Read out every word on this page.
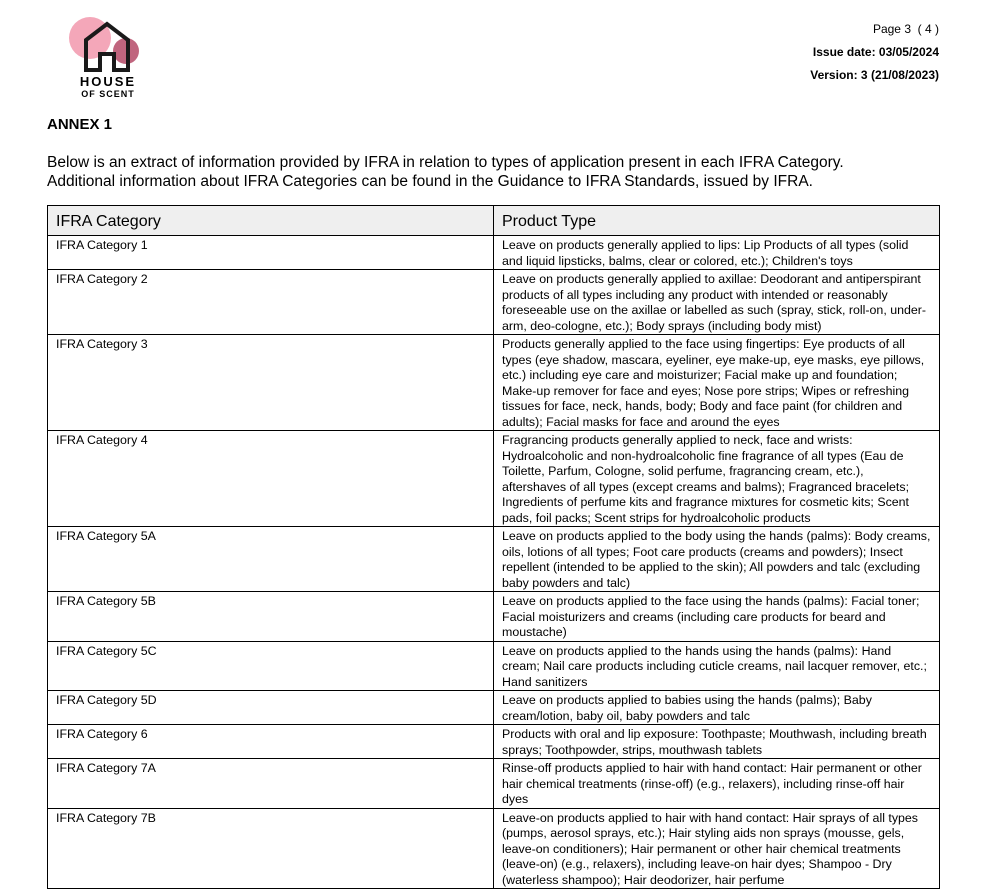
HOUSE
OF SCENT
Page 3  ( 4 )
Issue date: 03/05/2024
Version: 3 (21/08/2023)
ANNEX 1
Below is an extract of information provided by IFRA in relation to types of application present in each IFRA Category.
Additional information about IFRA Categories can be found in the Guidance to IFRA Standards, issued by IFRA.
IFRA Category	Product Type
IFRA Category 1	Leave on products generally applied to lips: Lip Products of all types (solid and liquid lipsticks, balms, clear or colored, etc.); Children's toys
IFRA Category 2	Leave on products generally applied to axillae: Deodorant and antiperspirant products of all types including any product with intended or reasonably foreseeable use on the axillae or labelled as such (spray, stick, roll-on, under-arm, deo-cologne, etc.); Body sprays (including body mist)
IFRA Category 3	Products generally applied to the face using fingertips: Eye products of all types (eye shadow, mascara, eyeliner, eye make-up, eye masks, eye pillows, etc.) including eye care and moisturizer; Facial make up and foundation; Make-up remover for face and eyes; Nose pore strips; Wipes or refreshing tissues for face, neck, hands, body; Body and face paint (for children and adults); Facial masks for face and around the eyes
IFRA Category 4	Fragrancing products generally applied to neck, face and wrists: Hydroalcoholic and non-hydroalcoholic fine fragrance of all types (Eau de Toilette, Parfum, Cologne, solid perfume, fragrancing cream, etc.), aftershaves of all types (except creams and balms); Fragranced bracelets; Ingredients of perfume kits and fragrance mixtures for cosmetic kits; Scent pads, foil packs; Scent strips for hydroalcoholic products
IFRA Category 5A	Leave on products applied to the body using the hands (palms): Body creams, oils, lotions of all types; Foot care products (creams and powders); Insect repellent (intended to be applied to the skin); All powders and talc (excluding baby powders and talc)
IFRA Category 5B	Leave on products applied to the face using the hands (palms): Facial toner; Facial moisturizers and creams (including care products for beard and moustache)
IFRA Category 5C	Leave on products applied to the hands using the hands (palms): Hand cream; Nail care products including cuticle creams, nail lacquer remover, etc.; Hand sanitizers
IFRA Category 5D	Leave on products applied to babies using the hands (palms); Baby cream/lotion, baby oil, baby powders and talc
IFRA Category 6	Products with oral and lip exposure: Toothpaste; Mouthwash, including breath sprays; Toothpowder, strips, mouthwash tablets
IFRA Category 7A	Rinse-off products applied to hair with hand contact: Hair permanent or other hair chemical treatments (rinse-off) (e.g., relaxers), including rinse-off hair dyes
IFRA Category 7B	Leave-on products applied to hair with hand contact: Hair sprays of all types (pumps, aerosol sprays, etc.); Hair styling aids non sprays (mousse, gels, leave-on conditioners); Hair permanent or other hair chemical treatments (leave-on) (e.g., relaxers), including leave-on hair dyes; Shampoo - Dry (waterless shampoo); Hair deodorizer, hair perfume
